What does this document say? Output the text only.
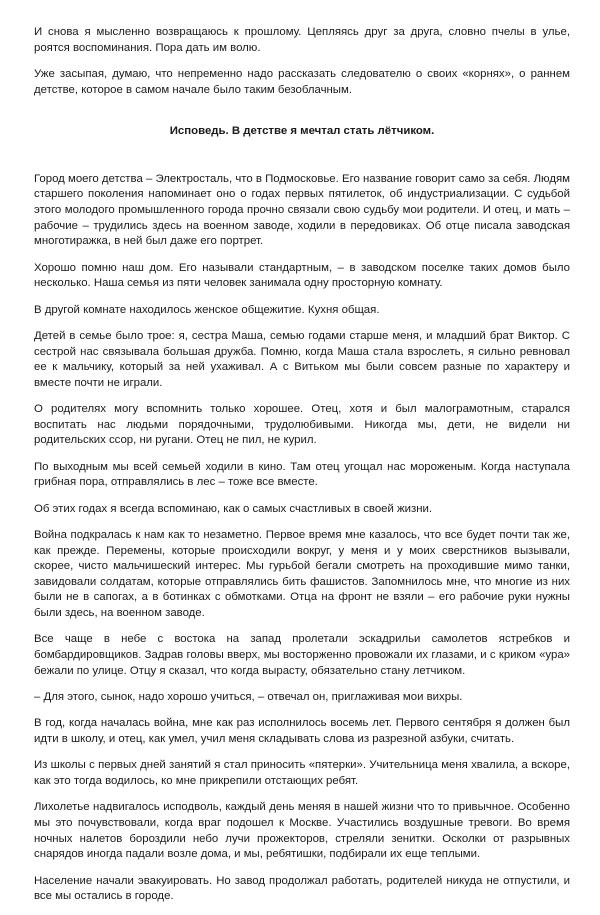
И снова я мысленно возвращаюсь к прошлому. Цепляясь друг за друга, словно пчелы в улье, роятся воспоминания. Пора дать им волю.

Уже засыпая, думаю, что непременно надо рассказать следователю о своих «корнях», о раннем детстве, которое в самом начале было таким безоблачным.

Исповедь. В детстве я мечтал стать лётчиком.

Город моего детства – Электросталь, что в Подмосковье. Его название говорит само за себя. Людям старшего поколения напоминает оно о годах первых пятилеток, об индустриализации. С судьбой этого молодого промышленного города прочно связали свою судьбу мои родители. И отец, и мать – рабочие – трудились здесь на военном заводе, ходили в передовиках. Об отце писала заводская многотиражка, в ней был даже его портрет.

Хорошо помню наш дом. Его называли стандартным, – в заводском поселке таких домов было несколько. Наша семья из пяти человек занимала одну просторную комнату.

В другой комнате находилось женское общежитие. Кухня общая.

Детей в семье было трое: я, сестра Маша, семью годами старше меня, и младший брат Виктор. С сестрой нас связывала большая дружба. Помню, когда Маша стала взрослеть, я сильно ревновал ее к мальчику, который за ней ухаживал. А с Витьком мы были совсем разные по характеру и вместе почти не играли.

О родителях могу вспомнить только хорошее. Отец, хотя и был малограмотным, старался воспитать нас людьми порядочными, трудолюбивыми. Никогда мы, дети, не видели ни родительских ссор, ни ругани. Отец не пил, не курил.

По выходным мы всей семьей ходили в кино. Там отец угощал нас мороженым. Когда наступала грибная пора, отправлялись в лес – тоже все вместе.

Об этих годах я всегда вспоминаю, как о самых счастливых в своей жизни.

Война подкралась к нам как то незаметно. Первое время мне казалось, что все будет почти так же, как прежде. Перемены, которые происходили вокруг, у меня и у моих сверстников вызывали, скорее, чисто мальчишеский интерес. Мы гурьбой бегали смотреть на проходившие мимо танки, завидовали солдатам, которые отправлялись бить фашистов. Запомнилось мне, что многие из них были не в сапогах, а в ботинках с обмотками. Отца на фронт не взяли – его рабочие руки нужны были здесь, на военном заводе.

Все чаще в небе с востока на запад пролетали эскадрильи самолетов ястребков и бомбардировщиков. Задрав головы вверх, мы восторженно провожали их глазами, и с криком «ура» бежали по улице. Отцу я сказал, что когда вырасту, обязательно стану летчиком.

– Для этого, сынок, надо хорошо учиться, – отвечал он, приглаживая мои вихры.

В год, когда началась война, мне как раз исполнилось восемь лет. Первого сентября я должен был идти в школу, и отец, как умел, учил меня складывать слова из разрезной азбуки, считать.

Из школы с первых дней занятий я стал приносить «пятерки». Учительница меня хвалила, а вскоре, как это тогда водилось, ко мне прикрепили отстающих ребят.

Лихолетье надвигалось исподволь, каждый день меняя в нашей жизни что то привычное. Особенно мы это почувствовали, когда враг подошел к Москве. Участились воздушные тревоги. Во время ночных налетов бороздили небо лучи прожекторов, стреляли зенитки. Осколки от разрывных снарядов иногда падали возле дома, и мы, ребятишки, подбирали их еще теплыми.

Население начали эвакуировать. Но завод продолжал работать, родителей никуда не отпустили, и все мы остались в городе.
